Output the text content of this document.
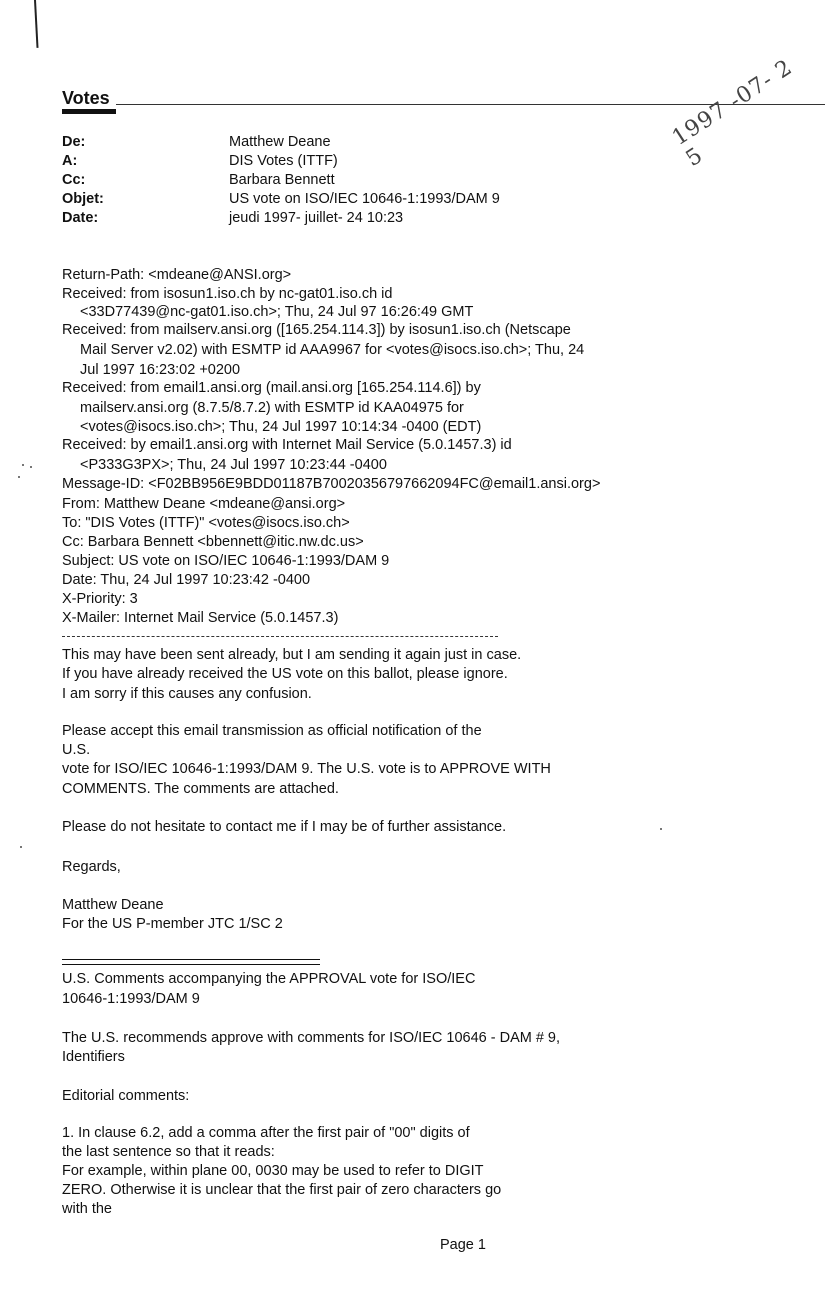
Votes	1997 -07- 2 5
De:	Matthew Deane
A:	DIS Votes (ITTF)
Cc:	Barbara Bennett
Objet:	US vote on ISO/IEC 10646-1:1993/DAM 9
Date:	jeudi 1997- juillet- 24 10:23
Return-Path: <mdeane@ANSI.org>
Received: from isosun1.iso.ch by nc-gat01.iso.ch id
<33D77439@nc-gat01.iso.ch>; Thu, 24 Jul 97 16:26:49 GMT
Received: from mailserv.ansi.org ([165.254.114.3]) by isosun1.iso.ch (Netscape
Mail Server v2.02) with ESMTP id AAA9967 for <votes@isocs.iso.ch>; Thu, 24
Jul 1997 16:23:02 +0200
Received: from email1.ansi.org (mail.ansi.org [165.254.114.6]) by
mailserv.ansi.org (8.7.5/8.7.2) with ESMTP id KAA04975 for
<votes@isocs.iso.ch>; Thu, 24 Jul 1997 10:14:34 -0400 (EDT)
Received: by email1.ansi.org with Internet Mail Service (5.0.1457.3) id
<P333G3PX>; Thu, 24 Jul 1997 10:23:44 -0400
Message-ID: <F02BB956E9BDD01187B70020356797662094FC@email1.ansi.org>
From: Matthew Deane <mdeane@ansi.org>
To: "DIS Votes (ITTF)" <votes@isocs.iso.ch>
Cc: Barbara Bennett <bbennett@itic.nw.dc.us>
Subject: US vote on ISO/IEC 10646-1:1993/DAM 9
Date: Thu, 24 Jul 1997 10:23:42 -0400
X-Priority: 3
X-Mailer: Internet Mail Service (5.0.1457.3)
This may have been sent already, but I am sending it again just in case.
If you have already received the US vote on this ballot, please ignore.
I am sorry if this causes any confusion.
Please accept this email transmission as official notification of the
U.S.
vote for ISO/IEC 10646-1:1993/DAM 9. The U.S. vote is to APPROVE WITH
COMMENTS. The comments are attached.
Please do not hesitate to contact me if I may be of further assistance.
Regards,
Matthew Deane
For the US P-member JTC 1/SC 2
U.S. Comments accompanying the APPROVAL vote for ISO/IEC
10646-1:1993/DAM 9
The U.S. recommends approve with comments for ISO/IEC 10646 - DAM # 9,
Identifiers
Editorial comments:
1. In clause 6.2, add a comma after the first pair of "00" digits of
the last sentence so that it reads:
For example, within plane 00, 0030 may be used to refer to DIGIT
ZERO. Otherwise it is unclear that the first pair of zero characters go
with the
Page 1
